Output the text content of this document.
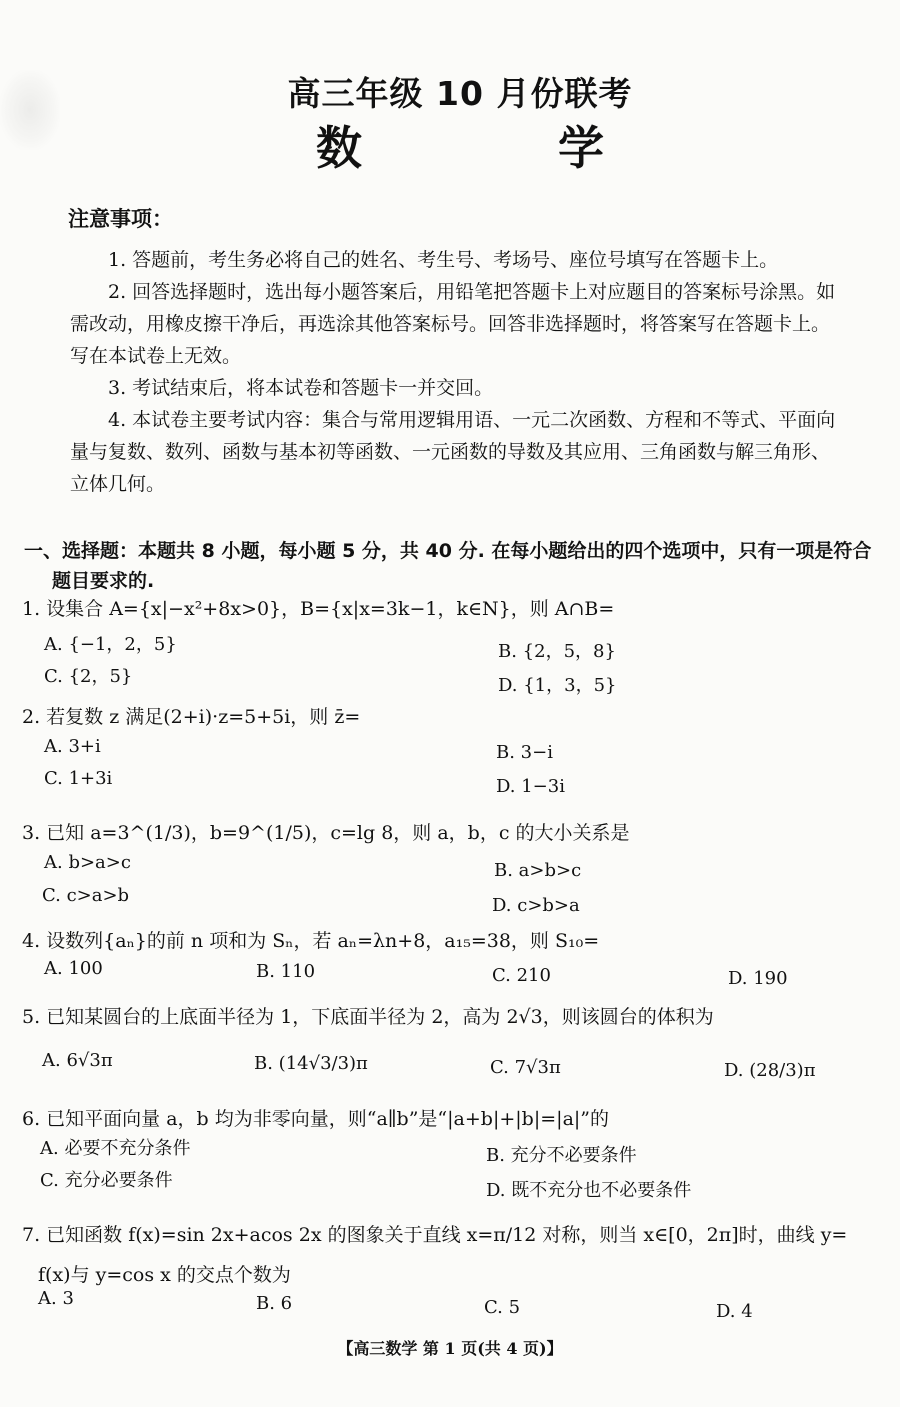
高三年级 10 月份联考
数 学
注意事项：

1. 答题前，考生务必将自己的姓名、考生号、考场号、座位号填写在答题卡上。

2. 回答选择题时，选出每小题答案后，用铅笔把答题卡上对应题目的答案标号涂黑。如需改动，用橡皮擦干净后，再选涂其他答案标号。回答非选择题时，将答案写在答题卡上。写在本试卷上无效。

3. 考试结束后，将本试卷和答题卡一并交回。

4. 本试卷主要考试内容：集合与常用逻辑用语、一元二次函数、方程和不等式、平面向量与复数、数列、函数与基本初等函数、一元函数的导数及其应用、三角函数与解三角形、立体几何。

一、选择题：本题共 8 小题，每小题 5 分，共 40 分. 在每小题给出的四个选项中，只有一项是符合
题目要求的.
1. 设集合 A={x|−x²+8x>0}，B={x|x=3k−1，k∈N}，则 A∩B=
A. {−1，2，5}	B. {2，5，8}
C. {2，5}	D. {1，3，5}
2. 若复数 z 满足(2+i)·z=5+5i，则 z̄=
A. 3+i	B. 3−i
C. 1+3i	D. 1−3i
3. 已知 a=3^(1/3)，b=9^(1/5)，c=lg 8，则 a，b，c 的大小关系是
A. b>a>c	B. a>b>c
C. c>a>b	D. c>b>a
4. 设数列{aₙ}的前 n 项和为 Sₙ，若 aₙ=λn+8，a₁₅=38，则 S₁₀=
A. 100	B. 110	C. 210	D. 190
5. 已知某圆台的上底面半径为 1，下底面半径为 2，高为 2√3，则该圆台的体积为
A. 6√3π	B. (14√3/3)π	C. 7√3π	D. (28/3)π
6. 已知平面向量 a，b 均为非零向量，则“a∥b”是“|a+b|+|b|=|a|”的
A. 必要不充分条件	B. 充分不必要条件
C. 充分必要条件	D. 既不充分也不必要条件
7. 已知函数 f(x)=sin 2x+acos 2x 的图象关于直线 x=π/12 对称，则当 x∈[0，2π]时，曲线 y=
f(x)与 y=cos x 的交点个数为
A. 3	B. 6	C. 5	D. 4
【高三数学 第 1 页(共 4 页)】
